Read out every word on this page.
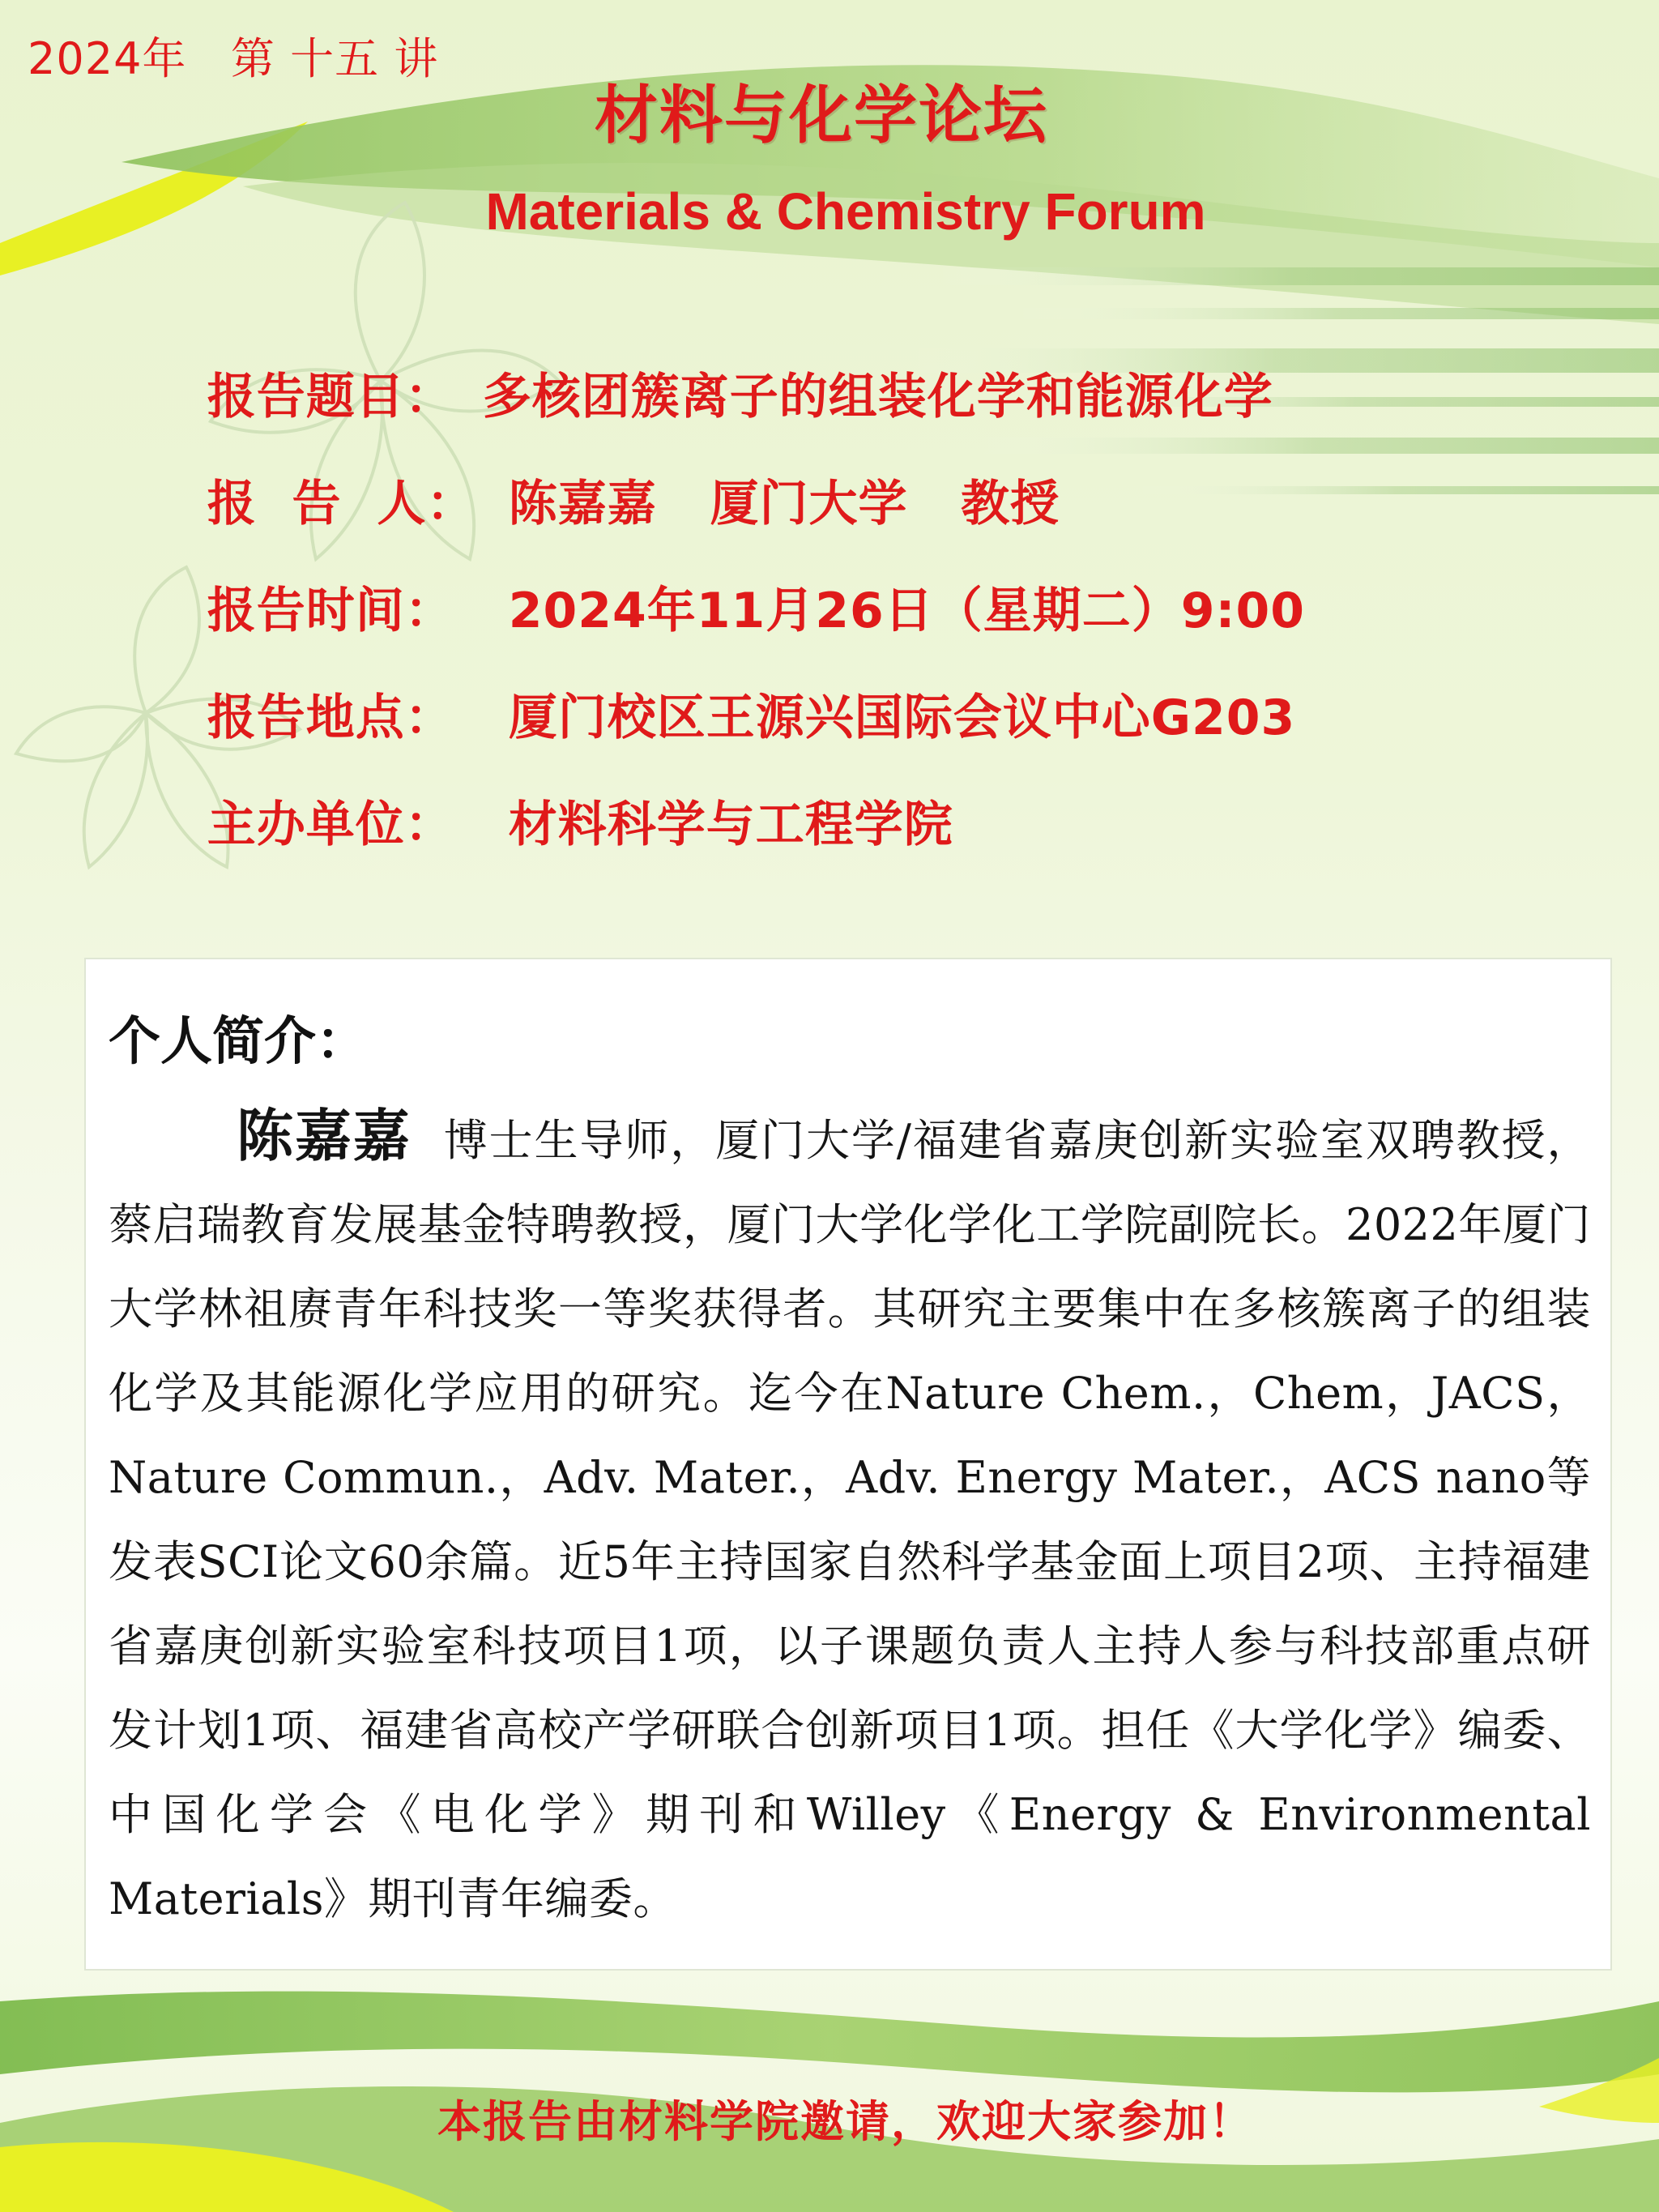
2024年   第 十五 讲
材料与化学论坛
Materials & Chemistry Forum

报告题目： 多核团簇离子的组装化学和能源化学

报  告  人： 陈嘉嘉   厦门大学   教授

报告时间： 2024年11月26日（星期二）9:00

报告地点： 厦门校区王源兴国际会议中心G203

主办单位： 材料科学与工程学院

个人简介：
陈嘉嘉 博士生导师，厦门大学/福建省嘉庚创新实验室双聘教授，蔡启瑞教育发展基金特聘教授，厦门大学化学化工学院副院长。2022年厦门大学林祖赓青年科技奖一等奖获得者。其研究主要集中在多核簇离子的组装化学及其能源化学应用的研究。迄今在Nature Chem.，Chem，JACS，Nature Commun.，Adv. Mater.，Adv. Energy Mater.，ACS nano等发表SCI论文60余篇。近5年主持国家自然科学基金面上项目2项、主持福建省嘉庚创新实验室科技项目1项，以子课题负责人主持人参与科技部重点研发计划1项、福建省高校产学研联合创新项目1项。担任《大学化学》编委、中国化学会《电化学》期刊和Willey《Energy & Environmental Materials》期刊青年编委。
本报告由材料学院邀请，欢迎大家参加！
